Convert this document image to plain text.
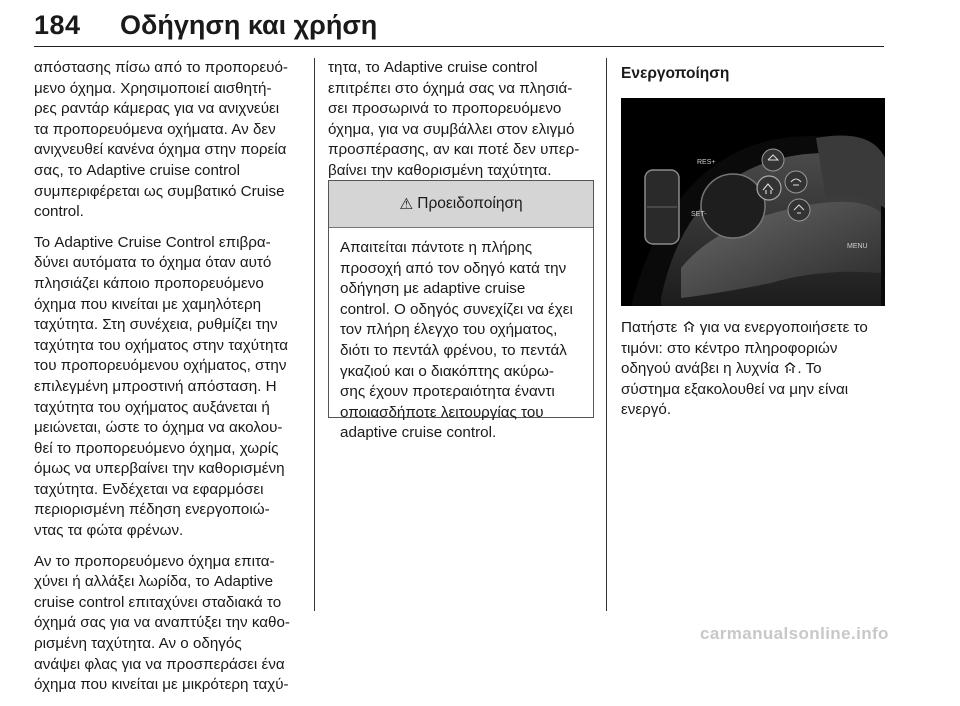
184 Οδήγηση και χρήση

απόστασης πίσω από το προπορευό-
μενο όχημα. Χρησιμοποιεί αισθητή-
ρες ραντάρ κάμερας για να ανιχνεύει
τα προπορευόμενα οχήματα. Αν δεν
ανιχνευθεί κανένα όχημα στην πορεία
σας, το Adaptive cruise control
συμπεριφέρεται ως συμβατικό Cruise
control.

Το Adaptive Cruise Control επιβρα-
δύνει αυτόματα το όχημα όταν αυτό
πλησιάζει κάποιο προπορευόμενο
όχημα που κινείται με χαμηλότερη
ταχύτητα. Στη συνέχεια, ρυθμίζει την
ταχύτητα του οχήματος στην ταχύτητα
του προπορευόμενου οχήματος, στην
επιλεγμένη μπροστινή απόσταση. Η
ταχύτητα του οχήματος αυξάνεται ή
μειώνεται, ώστε το όχημα να ακολου-
θεί το προπορευόμενο όχημα, χωρίς
όμως να υπερβαίνει την καθορισμένη
ταχύτητα. Ενδέχεται να εφαρμόσει
περιορισμένη πέδηση ενεργοποιώ-
ντας τα φώτα φρένων.

Αν το προπορευόμενο όχημα επιτα-
χύνει ή αλλάξει λωρίδα, το Adaptive
cruise control επιταχύνει σταδιακά το
όχημά σας για να αναπτύξει την καθο-
ρισμένη ταχύτητα. Αν ο οδηγός
ανάψει φλας για να προσπεράσει ένα
όχημα που κινείται με μικρότερη ταχύ-

τητα, το Adaptive cruise control
επιτρέπει στο όχημά σας να πλησιά-
σει προσωρινά το προπορευόμενο
όχημα, για να συμβάλλει στον ελιγμό
προσπέρασης, αν και ποτέ δεν υπερ-
βαίνει την καθορισμένη ταχύτητα.

⚠ Προειδοποίηση
Απαιτείται πάντοτε η πλήρης
προσοχή από τον οδηγό κατά την
οδήγηση με adaptive cruise
control. Ο οδηγός συνεχίζει να έχει
τον πλήρη έλεγχο του οχήματος,
διότι το πεντάλ φρένου, το πεντάλ
γκαζιού και ο διακόπτης ακύρω-
σης έχουν προτεραιότητα έναντι
οποιασδήποτε λειτουργίας του
adaptive cruise control.
Ενεργοποίηση
RES+
SET-
MENU
Πατήστε  για να ενεργοποιήσετε το
τιμόνι: στο κέντρο πληροφοριών
οδηγού ανάβει η λυχνία . Το
σύστημα εξακολουθεί να μην είναι
ενεργό.
carmanualsonline.info
